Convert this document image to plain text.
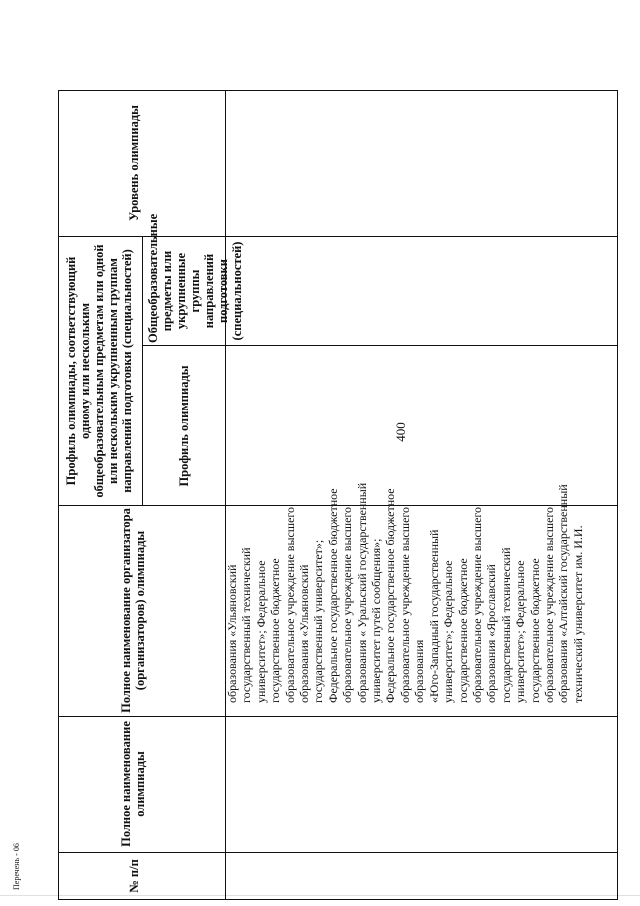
400
№ п/п
Полное наименование олимпиады
Полное наименование организатора (организаторов) олимпиады
Профиль олимпиады, соответствующий одному или нескольким общеобразовательным предметам или одной или нескольким укрупненным группам направлений подготовки (специальностей)	Профиль олимпиады
Общеобразовательные предметы или укрупненные группы направлений подготовки (специальностей)
Уровень олимпиады
образования «Ульяновский государственный технический университет»; Федеральное государственное бюджетное образовательное учреждение высшего образования «Ульяновский государственный университет»; Федеральное государственное бюджетное образовательное учреждение высшего образования « Уральский государственный университет путей сообщения»; Федеральное государственное бюджетное образовательное учреждение высшего образования «Юго-Западный государственный университет»; Федеральное государственное бюджетное образовательное учреждение высшего образования «Ярославский государственный технический университет»; Федеральное государственное бюджетное образовательное учреждение высшего образования «Алтайский государственный технический университет им. И.И.
Перечень - 06
